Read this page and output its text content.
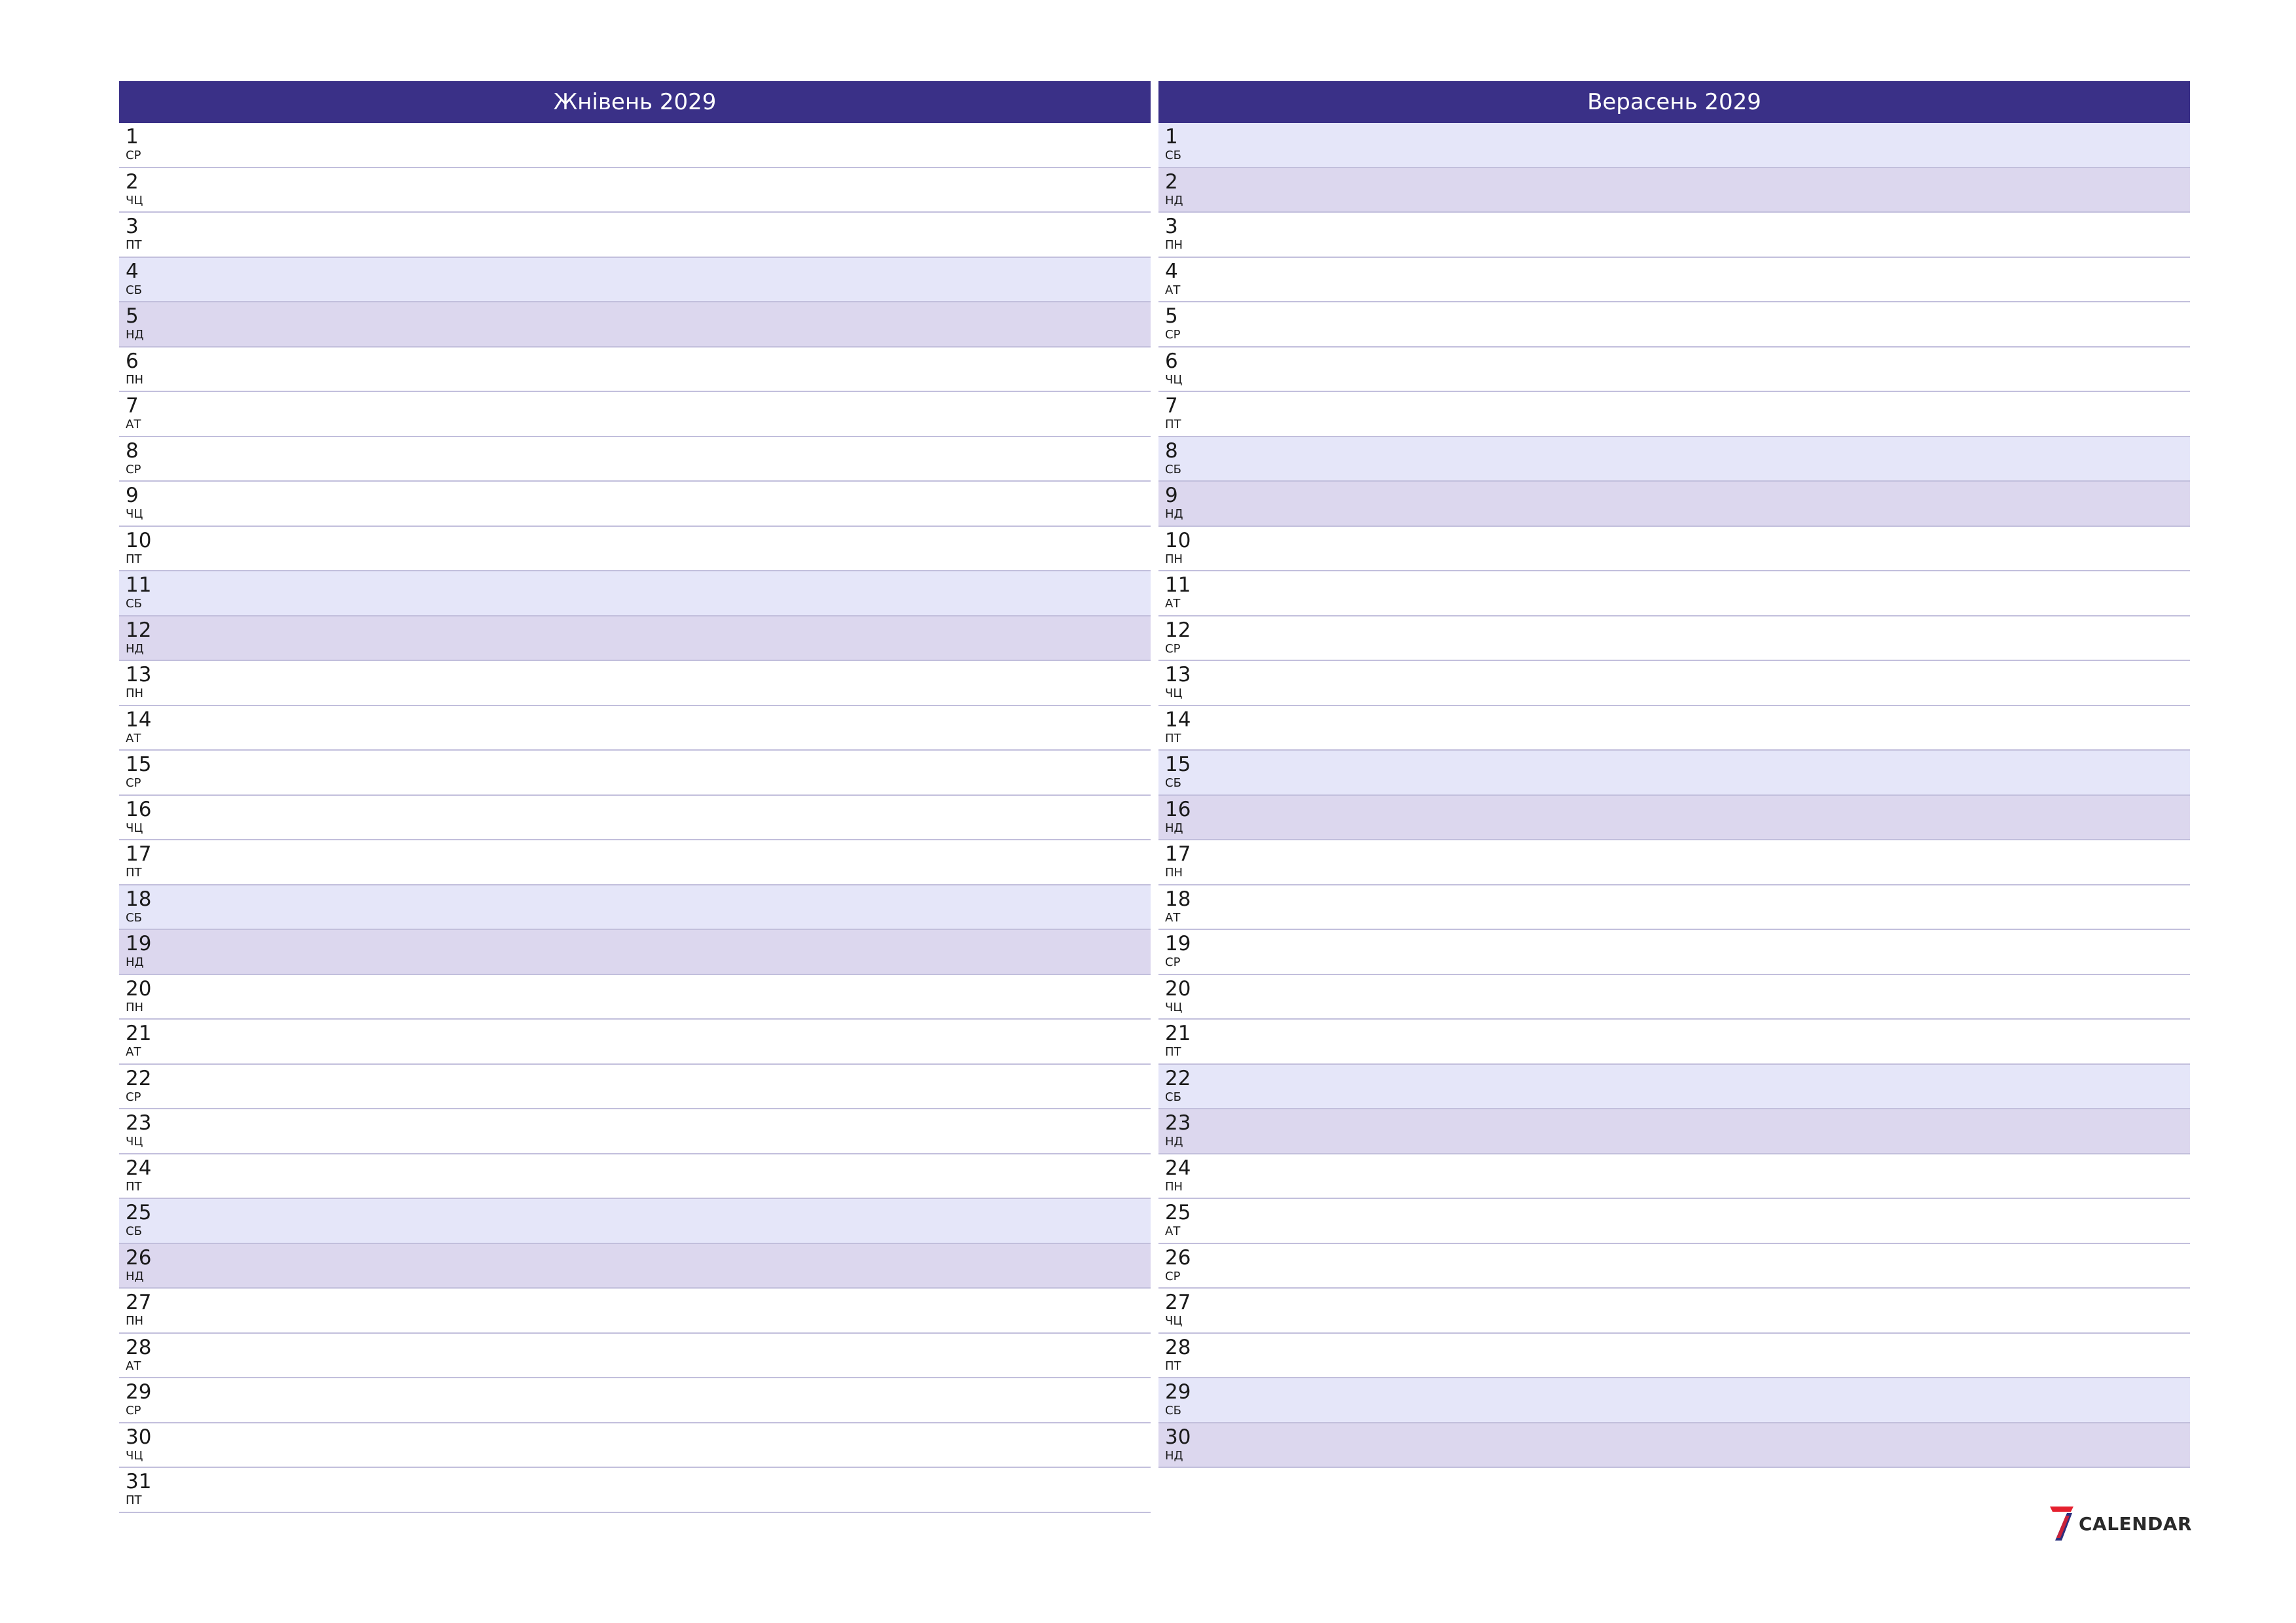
Жнівень 2029
1
СР
2
ЧЦ
3
ПТ
4
СБ
5
НД
6
ПН
7
АТ
8
СР
9
ЧЦ
10
ПТ
11
СБ
12
НД
13
ПН
14
АТ
15
СР
16
ЧЦ
17
ПТ
18
СБ
19
НД
20
ПН
21
АТ
22
СР
23
ЧЦ
24
ПТ
25
СБ
26
НД
27
ПН
28
АТ
29
СР
30
ЧЦ
31
ПТ
Верасень 2029
1
СБ
2
НД
3
ПН
4
АТ
5
СР
6
ЧЦ
7
ПТ
8
СБ
9
НД
10
ПН
11
АТ
12
СР
13
ЧЦ
14
ПТ
15
СБ
16
НД
17
ПН
18
АТ
19
СР
20
ЧЦ
21
ПТ
22
СБ
23
НД
24
ПН
25
АТ
26
СР
27
ЧЦ
28
ПТ
29
СБ
30
НД
CALENDAR
